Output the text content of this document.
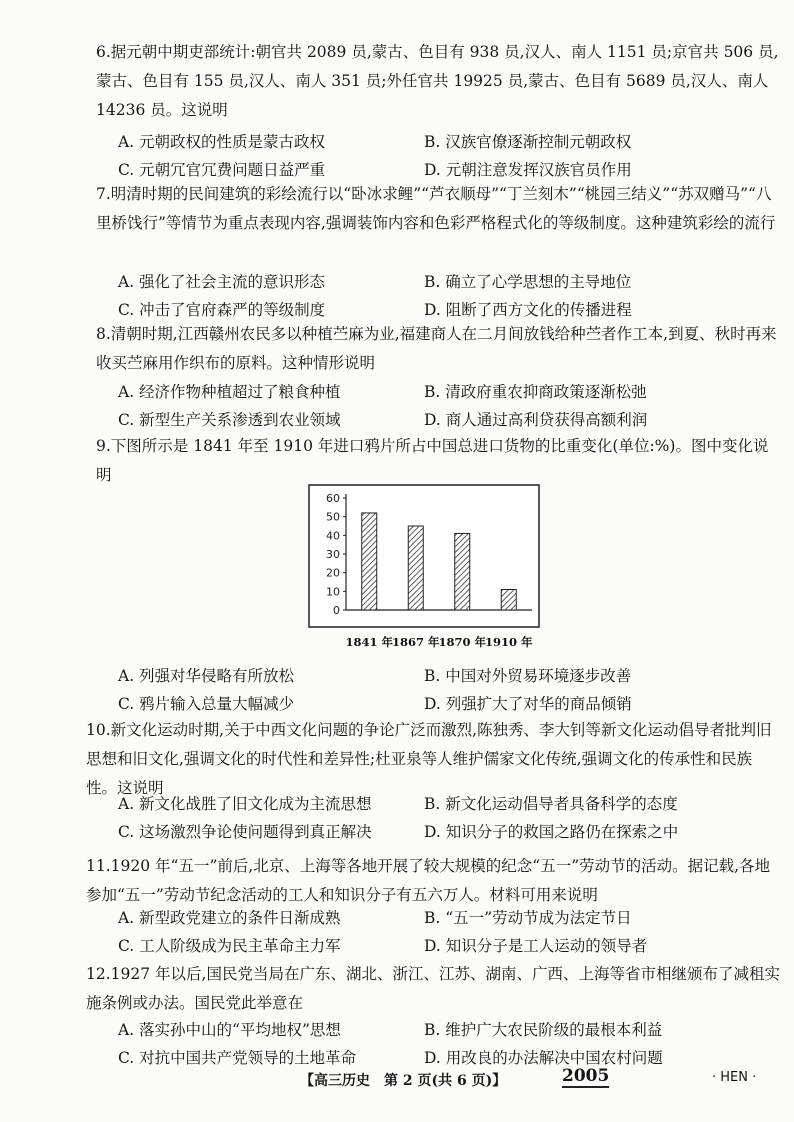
6.据元朝中期吏部统计:朝官共 2089 员,蒙古、色目有 938 员,汉人、南人 1151 员;京官共 506 员,蒙古、色目有 155 员,汉人、南人 351 员;外任官共 19925 员,蒙古、色目有 5689 员,汉人、南人 14236 员。这说明
A. 元朝政权的性质是蒙古政权	B. 汉族官僚逐渐控制元朝政权
C. 元朝冗官冗费问题日益严重	D. 元朝注意发挥汉族官员作用
7.明清时期的民间建筑的彩绘流行以“卧冰求鲤”“芦衣顺母”“丁兰刻木”“桃园三结义”“苏双赠马”“八里桥饯行”等情节为重点表现内容,强调装饰内容和色彩严格程式化的等级制度。这种建筑彩绘的流行
A. 强化了社会主流的意识形态	B. 确立了心学思想的主导地位
C. 冲击了官府森严的等级制度	D. 阻断了西方文化的传播进程
8.清朝时期,江西赣州农民多以种植苎麻为业,福建商人在二月间放钱给种苎者作工本,到夏、秋时再来收买苎麻用作织布的原料。这种情形说明
A. 经济作物种植超过了粮食种植	B. 清政府重农抑商政策逐渐松弛
C. 新型生产关系渗透到农业领域	D. 商人通过高利贷获得高额利润
9.下图所示是 1841 年至 1910 年进口鸦片所占中国总进口货物的比重变化(单位:%)。图中变化说明
0
10
20
30
40
50
60
1841 年
1867 年
1870 年
1910 年
A. 列强对华侵略有所放松	B. 中国对外贸易环境逐步改善
C. 鸦片输入总量大幅减少	D. 列强扩大了对华的商品倾销
10.新文化运动时期,关于中西文化问题的争论广泛而激烈,陈独秀、李大钊等新文化运动倡导者批判旧思想和旧文化,强调文化的时代性和差异性;杜亚泉等人维护儒家文化传统,强调文化的传承性和民族性。这说明
A. 新文化战胜了旧文化成为主流思想	B. 新文化运动倡导者具备科学的态度
C. 这场激烈争论使问题得到真正解决	D. 知识分子的救国之路仍在探索之中
11.1920 年“五一”前后,北京、上海等各地开展了较大规模的纪念“五一”劳动节的活动。据记载,各地参加“五一”劳动节纪念活动的工人和知识分子有五六万人。材料可用来说明
A. 新型政党建立的条件日渐成熟	B. “五一”劳动节成为法定节日
C. 工人阶级成为民主革命主力军	D. 知识分子是工人运动的领导者
12.1927 年以后,国民党当局在广东、湖北、浙江、江苏、湖南、广西、上海等省市相继颁布了减租实施条例或办法。国民党此举意在
A. 落实孙中山的“平均地权”思想	B. 维护广大农民阶级的最根本利益
C. 对抗中国共产党领导的土地革命	D. 用改良的办法解决中国农村问题
【高三历史　第 2 页(共 6 页)】	2005	· HEN ·
